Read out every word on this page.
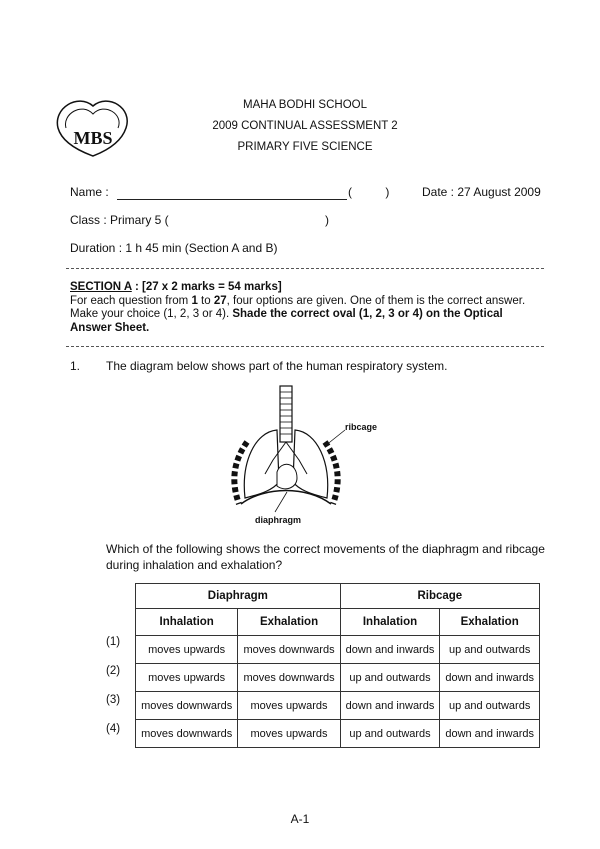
MBS
MAHA BODHI SCHOOL
2009 CONTINUAL ASSESSMENT 2
PRIMARY FIVE SCIENCE
Name :	(          )	Date : 27 August 2009
Class : Primary 5 (	)
Duration : 1 h 45 min (Section A and B)
SECTION A : [27 x 2 marks = 54 marks]
For each question from 1 to 27, four options are given. One of them is the correct answer. Make your choice (1, 2, 3 or 4). Shade the correct oval (1, 2, 3 or 4) on the Optical Answer Sheet.
1. The diagram below shows part of the human respiratory system.
ribcage
diaphragm
Which of the following shows the correct movements of the diaphragm and ribcage during inhalation and exhalation?
(1)
(2)
(3)
(4)
Diaphragm		Ribcage	
Inhalation	Exhalation	Inhalation	Exhalation
moves upwards	moves downwards	down and inwards	up and outwards
moves upwards	moves downwards	up and outwards	down and inwards
moves downwards	moves upwards	down and inwards	up and outwards
moves downwards	moves upwards	up and outwards	down and inwards
A-1
